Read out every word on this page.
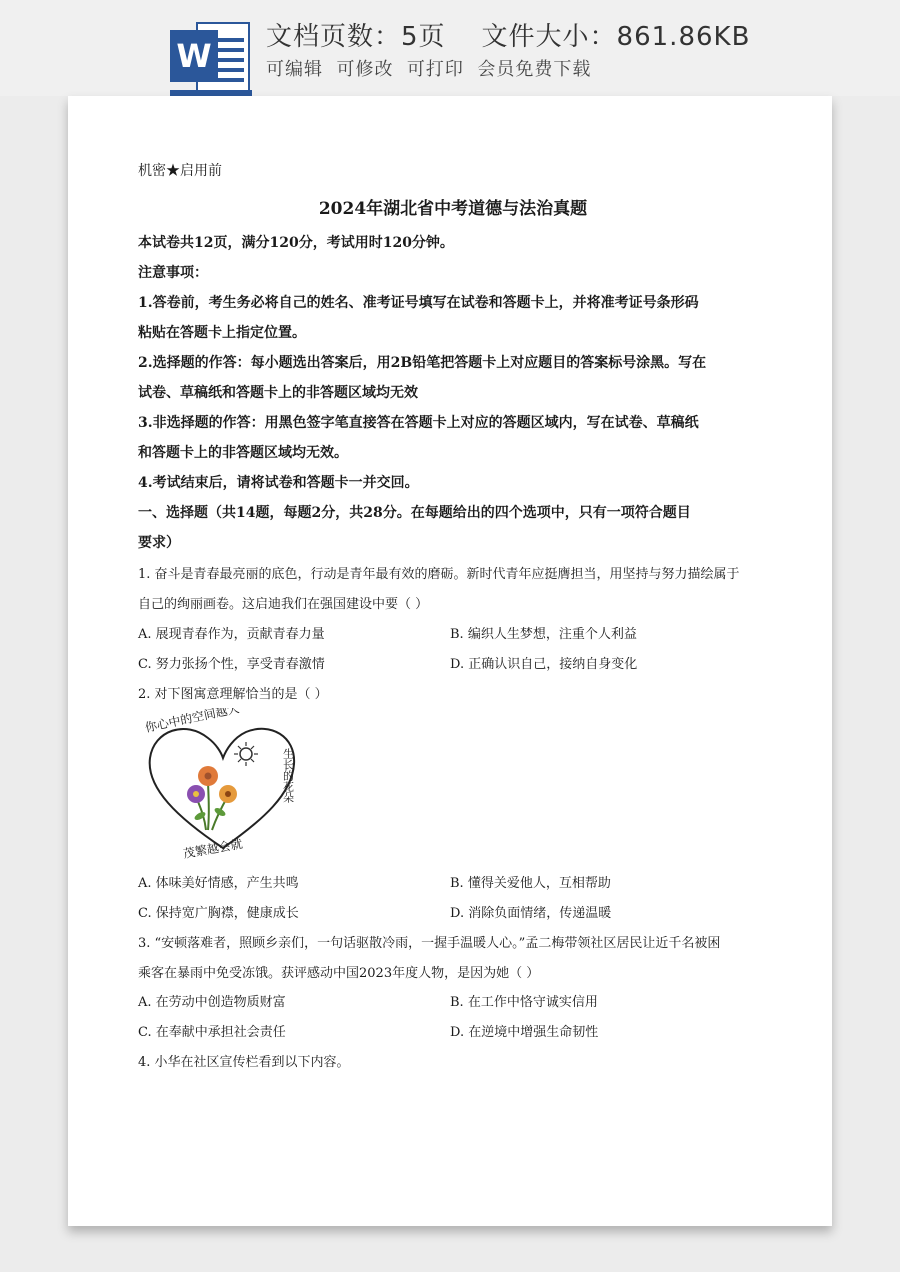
W 文档页数：5页 文件大小：861.86KB
可编辑  可修改  可打印  会员免费下载
机密★启用前
2024年湖北省中考道德与法治真题
本试卷共12页，满分120分，考试用时120分钟。
注意事项：
1.答卷前，考生务必将自己的姓名、准考证号填写在试卷和答题卡上，并将准考证号条形码
粘贴在答题卡上指定位置。
2.选择题的作答：每小题选出答案后，用2B铅笔把答题卡上对应题目的答案标号涂黑。写在
试卷、草稿纸和答题卡上的非答题区域均无效
3.非选择题的作答：用黑色签字笔直接答在答题卡上对应的答题区域内，写在试卷、草稿纸
和答题卡上的非答题区域均无效。
4.考试结束后，请将试卷和答题卡一并交回。
一、选择题（共14题，每题2分，共28分。在每题给出的四个选项中，只有一项符合题目
要求）
1. 奋斗是青春最亮丽的底色，行动是青年最有效的磨砺。新时代青年应挺膺担当，用坚持与努力描绘属于
自己的绚丽画卷。这启迪我们在强国建设中要（ ）
A. 展现青春作为，贡献青春力量	B. 编织人生梦想，注重个人利益
C. 努力张扬个性，享受青春激情	D. 正确认识自己，接纳自身变化
2. 对下图寓意理解恰当的是（ ）
你心中的空间越大
生长的花朵
茂繁越会就
A. 体味美好情感，产生共鸣	B. 懂得关爱他人，互相帮助
C. 保持宽广胸襟，健康成长	D. 消除负面情绪，传递温暖
3. “安顿落难者，照顾乡亲们，一句话驱散冷雨，一握手温暖人心。”孟二梅带领社区居民让近千名被困
乘客在暴雨中免受冻饿。获评感动中国2023年度人物，是因为她（ ）
A. 在劳动中创造物质财富	B. 在工作中恪守诚实信用
C. 在奉献中承担社会责任	D. 在逆境中增强生命韧性
4. 小华在社区宣传栏看到以下内容。
